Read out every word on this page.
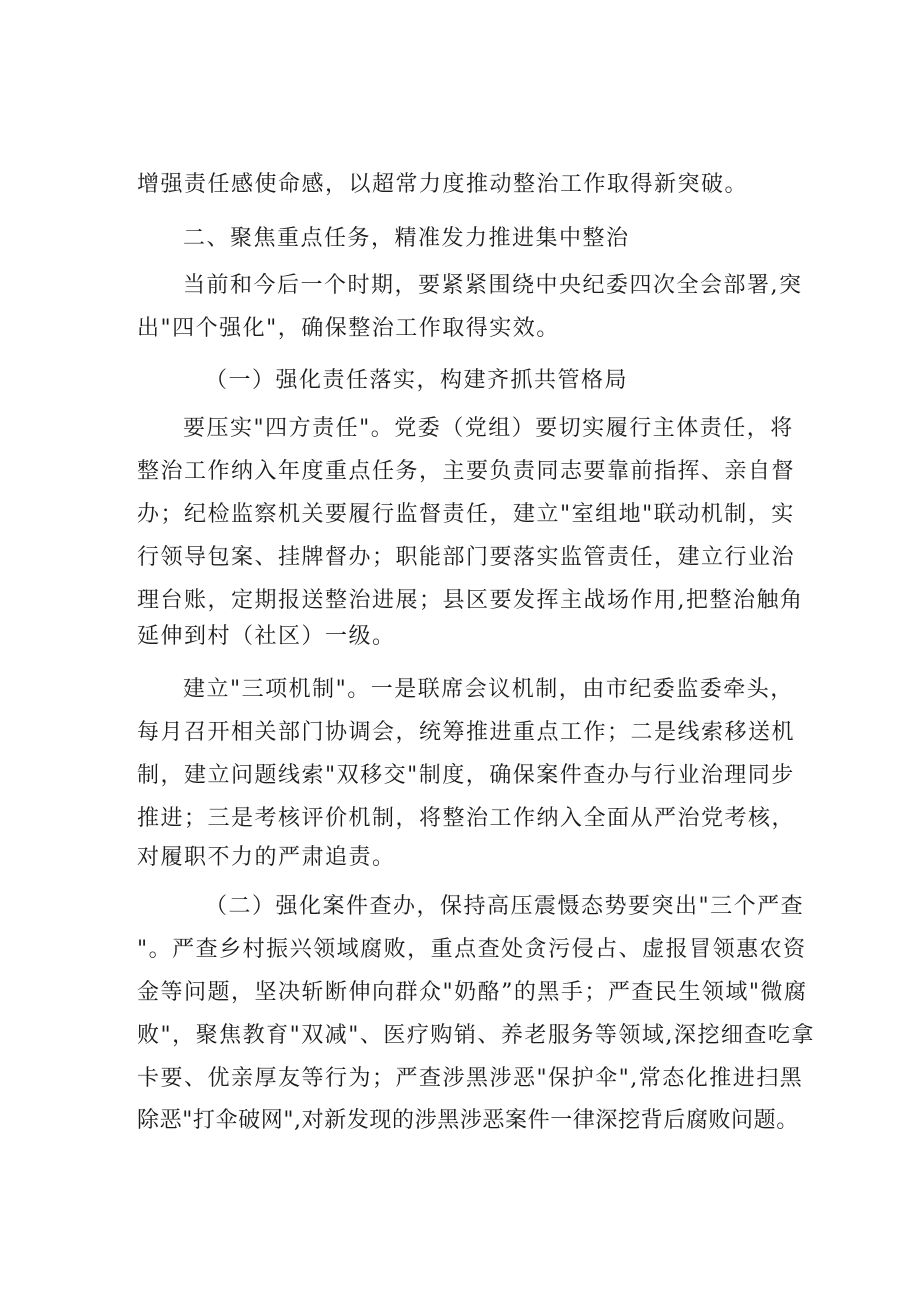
增强责任感使命感，以超常力度推动整治工作取得新突破。
二、聚焦重点任务，精准发力推进集中整治
当前和今后一个时期，要紧紧围绕中央纪委四次全会部署,突
出"四个强化"，确保整治工作取得实效。
（一）强化责任落实，构建齐抓共管格局
要压实"四方责任"。党委（党组）要切实履行主体责任，将
整治工作纳入年度重点任务，主要负责同志要靠前指挥、亲自督
办；纪检监察机关要履行监督责任，建立"室组地"联动机制，实
行领导包案、挂牌督办；职能部门要落实监管责任，建立行业治
理台账，定期报送整治进展；县区要发挥主战场作用,把整治触角
延伸到村（社区）一级。
建立"三项机制"。一是联席会议机制，由市纪委监委牵头，
每月召开相关部门协调会，统筹推进重点工作；二是线索移送机
制，建立问题线索"双移交"制度，确保案件查办与行业治理同步
推进；三是考核评价机制，将整治工作纳入全面从严治党考核，
对履职不力的严肃追责。
（二）强化案件查办，保持高压震慑态势要突出"三个严查
"。严查乡村振兴领域腐败，重点查处贪污侵占、虚报冒领惠农资
金等问题，坚决斩断伸向群众"奶酪”的黑手；严查民生领域"微腐
败"，聚焦教育"双减"、医疗购销、养老服务等领域,深挖细查吃拿
卡要、优亲厚友等行为；严查涉黑涉恶"保护伞",常态化推进扫黑
除恶"打伞破网",对新发现的涉黑涉恶案件一律深挖背后腐败问题。
